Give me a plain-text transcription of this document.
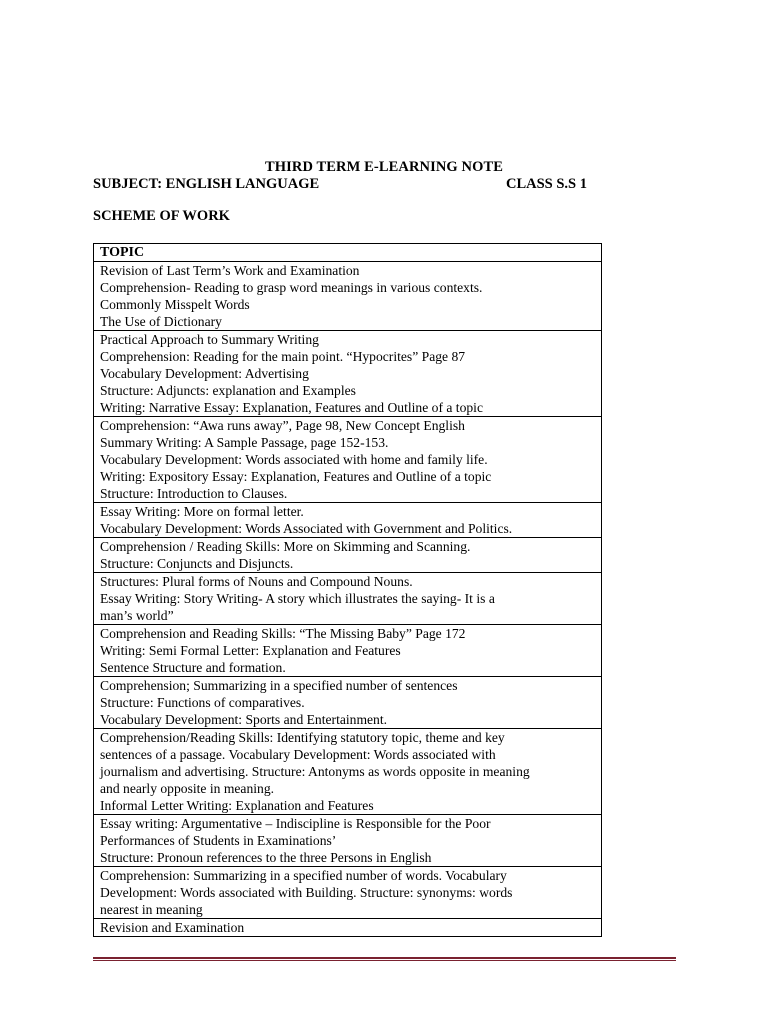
THIRD TERM E-LEARNING NOTE
SUBJECT: ENGLISH LANGUAGE	CLASS S.S 1
SCHEME OF WORK
TOPIC

Revision of Last Term’s Work and Examination
Comprehension- Reading to grasp word meanings in various contexts.
Commonly Misspelt Words
The Use of Dictionary

Practical Approach to Summary Writing
Comprehension: Reading for the main point. “Hypocrites” Page 87
Vocabulary Development: Advertising
Structure: Adjuncts: explanation and Examples
Writing: Narrative Essay: Explanation, Features and Outline of a topic

Comprehension: “Awa runs away”, Page 98, New Concept English
Summary Writing: A Sample Passage, page 152-153.
Vocabulary Development: Words associated with home and family life.
Writing: Expository Essay: Explanation, Features and Outline of a topic
Structure: Introduction to Clauses.

Essay Writing: More on formal letter.
Vocabulary Development: Words Associated with Government and Politics.

Comprehension / Reading Skills: More on Skimming and Scanning.
Structure: Conjuncts and Disjuncts.

Structures: Plural forms of Nouns and Compound Nouns.
Essay Writing: Story Writing- A story which illustrates the saying- It is a
man’s world”

Comprehension and Reading Skills: “The Missing Baby” Page 172
Writing: Semi Formal Letter: Explanation and Features
Sentence Structure and formation.

Comprehension; Summarizing in a specified number of sentences
Structure: Functions of comparatives.
Vocabulary Development: Sports and Entertainment.

Comprehension/Reading Skills: Identifying statutory topic, theme and key
sentences of a passage. Vocabulary Development: Words associated with
journalism and advertising. Structure: Antonyms as words opposite in meaning
and nearly opposite in meaning.
Informal Letter Writing: Explanation and Features

Essay writing: Argumentative – Indiscipline is Responsible for the Poor
Performances of Students in Examinations’
Structure: Pronoun references to the three Persons in English

Comprehension: Summarizing in a specified number of words. Vocabulary
Development: Words associated with Building. Structure: synonyms: words
nearest in meaning

Revision and Examination
